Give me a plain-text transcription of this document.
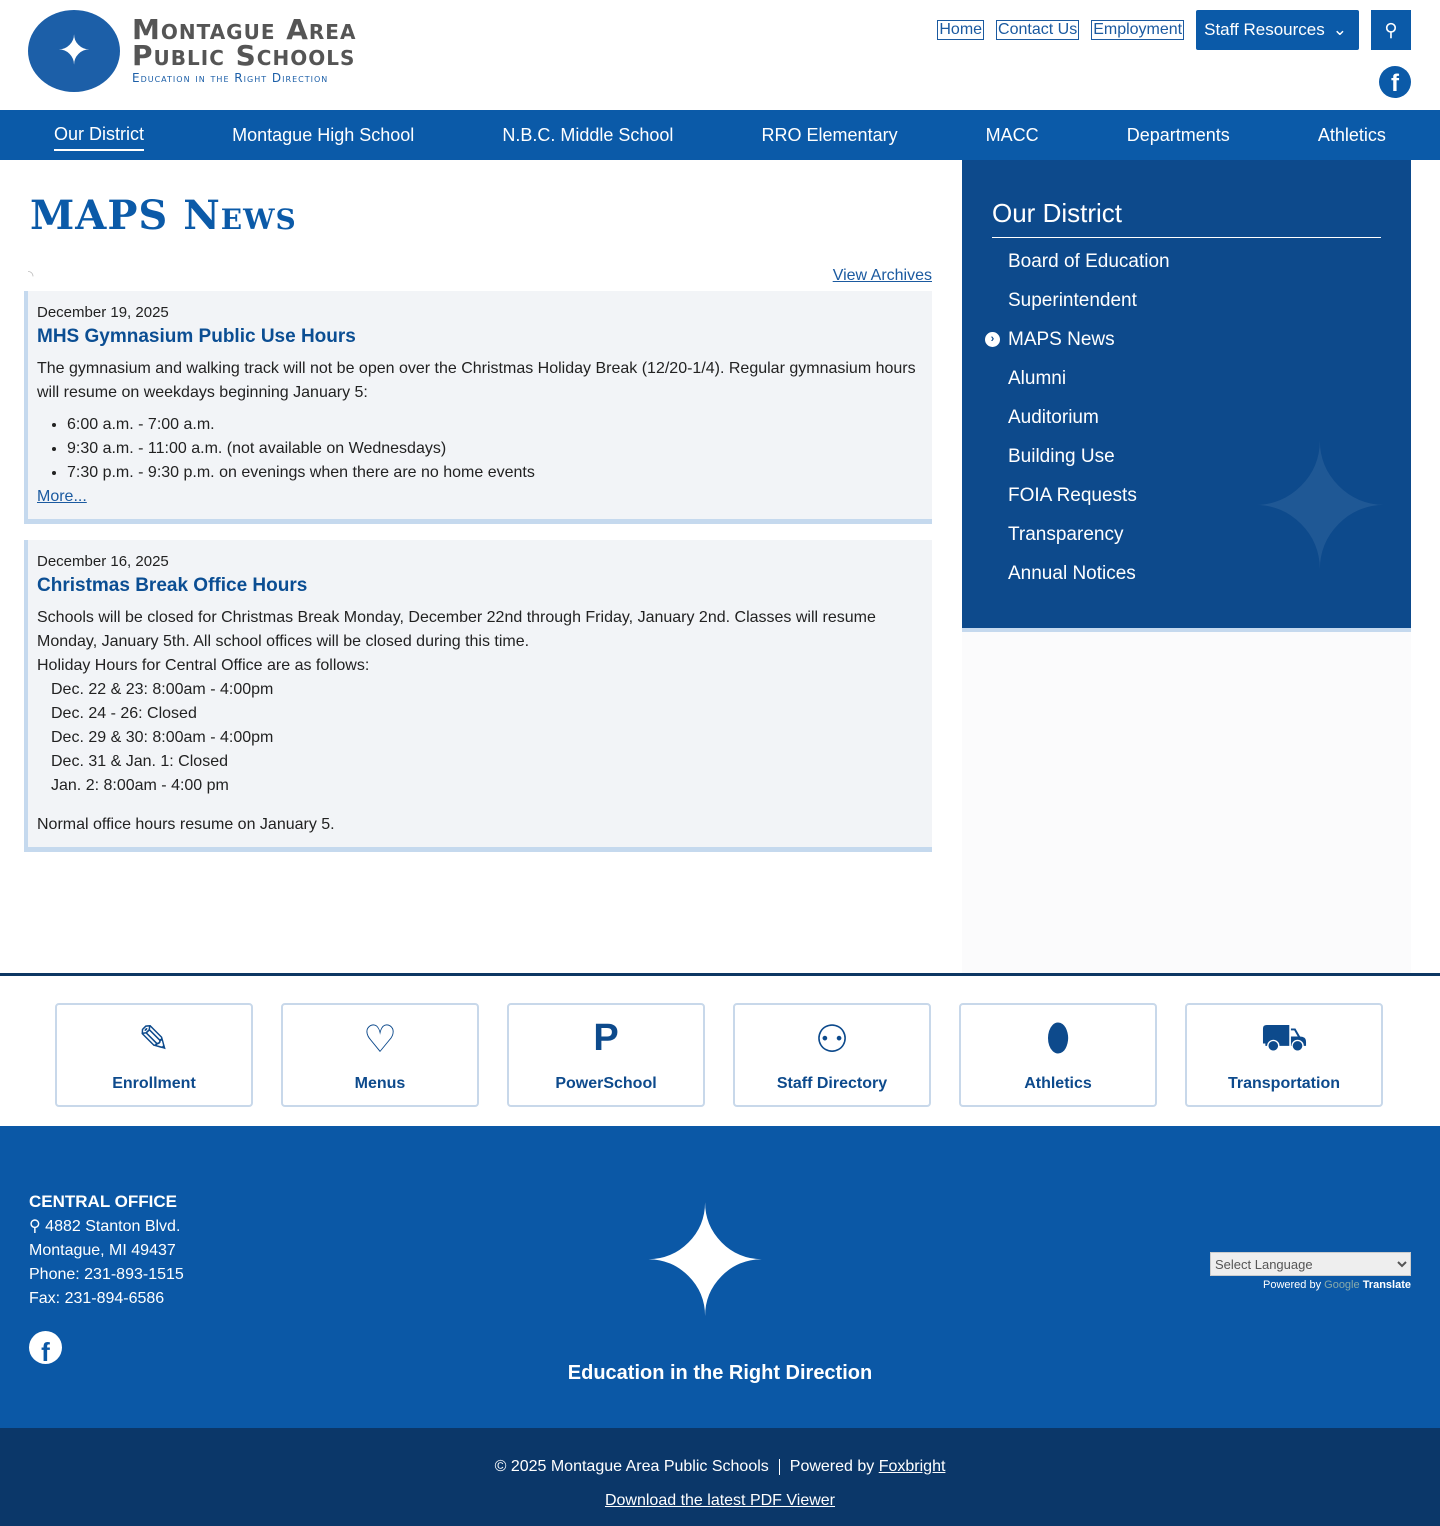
✦	Montague Area
Public Schools
Education in the Right Direction
Home Contact Us Employment Staff Resources ⌄ ⚲
f
Our District	Montague High School	N.B.C. Middle School	RRO Elementary	MACC	Departments	Athletics
MAPS News
◝	View Archives
December 19, 2025
MHS Gymnasium Public Use Hours
The gymnasium and walking track will not be open over the Christmas Holiday Break (12/20-1/4). Regular gymnasium hours will resume on weekdays beginning January 5:
• 6:00 a.m. - 7:00 a.m.
• 9:30 a.m. - 11:00 a.m. (not available on Wednesdays)
• 7:30 p.m. - 9:30 p.m. on evenings when there are no home events
More...
December 16, 2025
Christmas Break Office Hours
Schools will be closed for Christmas Break Monday, December 22nd through Friday, January 2nd. Classes will resume Monday, January 5th. All school offices will be closed during this time.
Holiday Hours for Central Office are as follows:
Dec. 22 & 23: 8:00am - 4:00pm
Dec. 24 - 26: Closed
Dec. 29 & 30: 8:00am - 4:00pm
Dec. 31 & Jan. 1: Closed
Jan. 2: 8:00am - 4:00 pm
Normal office hours resume on January 5.
Our District
Board of Education
Superintendent
› MAPS News
Alumni
Auditorium
Building Use
FOIA Requests
Transparency
Annual Notices ✦
✎
Enrollment
♡
Menus
P
PowerSchool
⚇
Staff Directory
⬮
Athletics
⛟
Transportation
CENTRAL OFFICE
⚲ 4882 Stanton Blvd.
Montague, MI 49437
Phone: 231-893-1515
Fax: 231-894-6586
f
✦
Education in the Right Direction
Select Language
Powered by Google Translate
© 2025 Montague Area Public Schools Powered by Foxbright
Download the latest PDF Viewer
